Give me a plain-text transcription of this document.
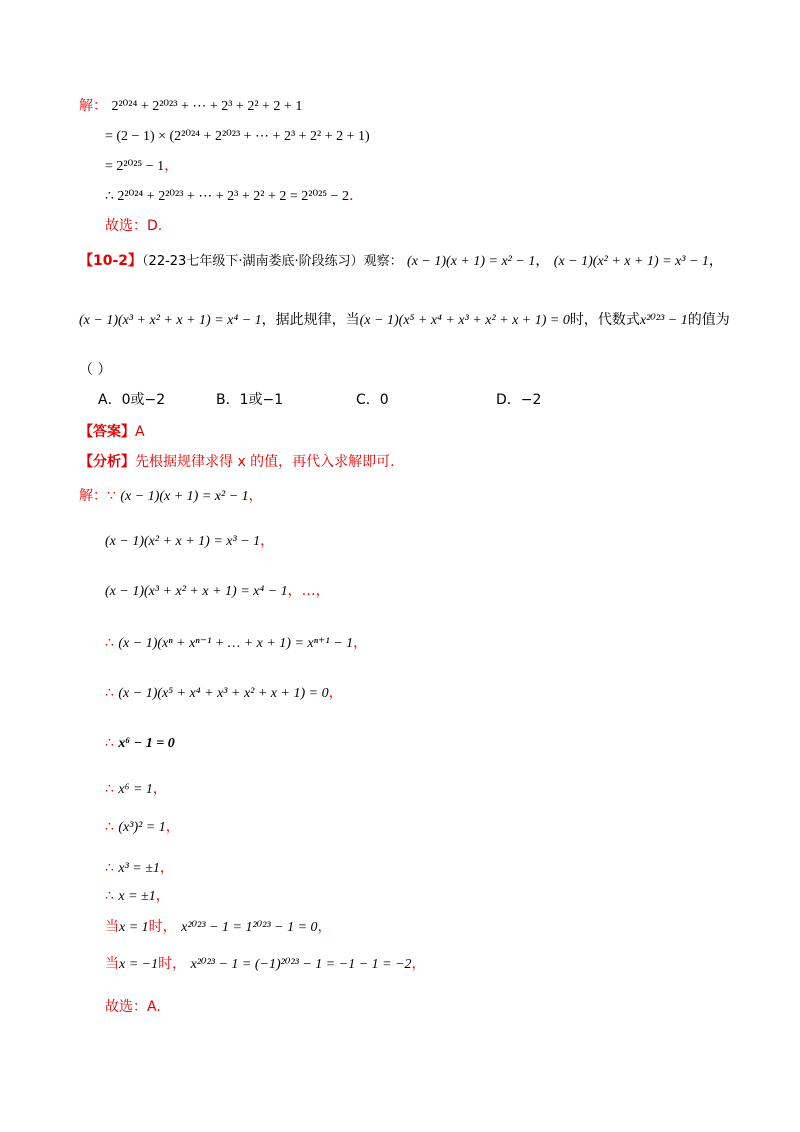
解： 2²⁰²⁴ + 2²⁰²³ + ⋯ + 2³ + 2² + 2 + 1
= (2 − 1) × (2²⁰²⁴ + 2²⁰²³ + ⋯ + 2³ + 2² + 2 + 1)
= 2²⁰²⁵ − 1，
∴ 2²⁰²⁴ + 2²⁰²³ + ⋯ + 2³ + 2² + 2 = 2²⁰²⁵ − 2．
故选：D.
【10-2】（22-23七年级下·湖南娄底·阶段练习）观察： (x − 1)(x + 1) = x² − 1， (x − 1)(x² + x + 1) = x³ − 1，
(x − 1)(x³ + x² + x + 1) = x⁴ − 1，据此规律，当(x − 1)(x⁵ + x⁴ + x³ + x² + x + 1) = 0时，代数式x²⁰²³ − 1的值为
（ ）
A．0或−2	B．1或−1	C．0	D．−2
【答案】A
【分析】先根据规律求得 x 的值，再代入求解即可.
解：∵ (x − 1)(x + 1) = x² − 1，
(x − 1)(x² + x + 1) = x³ − 1，
(x − 1)(x³ + x² + x + 1) = x⁴ − 1，…，
∴ (x − 1)(xⁿ + xⁿ⁻¹ + … + x + 1) = xⁿ⁺¹ − 1，
∴ (x − 1)(x⁵ + x⁴ + x³ + x² + x + 1) = 0，
∴ x⁶ − 1 = 0
∴ x⁶ = 1，
∴ (x³)² = 1，
∴ x³ = ±1，
∴ x = ±1，
当x = 1时， x²⁰²³ − 1 = 1²⁰²³ − 1 = 0，
当x = −1时， x²⁰²³ − 1 = (−1)²⁰²³ − 1 = −1 − 1 = −2，
故选：A.
